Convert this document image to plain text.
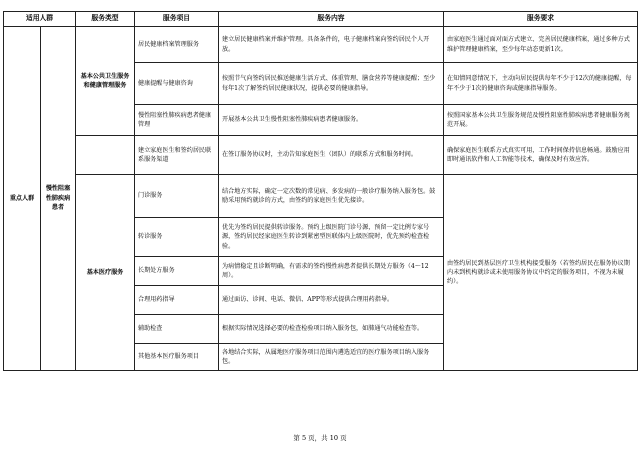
适用人群		服务类型	服务项目	服务内容	服务要求
重点人群	慢性阻塞性肺疾病患者	基本公共卫生服务和健康管理服务	居民健康档案管理服务	建立居民健康档案并维护管理。具备条件的，电子健康档案向签约居民个人开放。	由家庭医生通过面对面方式建立、完善居民健康档案，通过多种方式维护管理健康档案，至少每年动态更新1次。
			健康提醒与健康咨询	按照节气向签约居民推送健康生活方式、体重管理、膳食营养等健康提醒；至少每年1次了解签约居民健康状况，提供必要的健康指导。	在知情同意情况下，主动向居民提供每年不少于12次的健康提醒，每年不少于1次的健康咨询或健康指导服务。
			慢性阻塞性肺疾病患者健康管理	开展基本公共卫生慢性阻塞性肺疾病患者健康服务。	按照国家基本公共卫生服务规范及慢性阻塞性肺疾病患者健康服务规范开展。
			建立家庭医生和签约居民联系服务渠道	在签订服务协议时，主动告知家庭医生（团队）的联系方式和服务时间。	确保家庭医生联系方式真实可用，工作时间保持信息畅通。鼓励应用即时通讯软件和人工智能等技术，确保及时有效应答。
		基本医疗服务	门诊服务	结合地方实际，确定一定次数的常见病、多发病的一般诊疗服务纳入服务包。鼓励采用预约就诊的方式，由签约的家庭医生优先接诊。	由签约居民到基层医疗卫生机构接受服务（若签约居民在服务协议期内未到机构就诊或未使用服务协议中约定的服务项目，不视为未履约）。
			转诊服务	优先为签约居民提供转诊服务。预约上级医院门诊号源，预留一定比例专家号源，签约居民经家庭医生转诊到紧密型医联体内上级医院时，优先预约检查检验。	
			长期处方服务	为病情稳定且诊断明确，有需求的签约慢性病患者提供长期处方服务（4～12周）。	
			合理用药指导	通过面访、诊间、电话、微信、APP等形式提供合理用药指导。	
			辅助检查	根据实际情况选择必要的检查检验项目纳入服务包，如肺通气功能检查等。	
			其他基本医疗服务项目	各地结合实际，从属地医疗服务项目范围内遴选适宜的医疗服务项目纳入服务包。	
第 5 页，共 10 页
